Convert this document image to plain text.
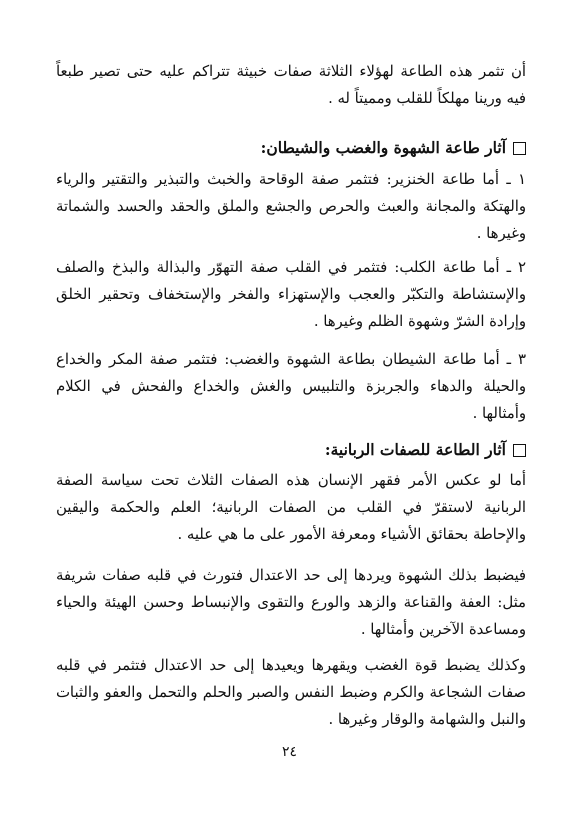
أن تثمر هذه الطاعة لهؤلاء الثلاثة صفات خبيثة تتراكم عليه حتى تصير طبعاً فيه ورينا مهلكاً للقلب ومميتاً له .

آثار طاعة الشهوة والغضب والشيطان:

١ ـ أما طاعة الخنزير: فتثمر صفة الوقاحة والخبث والتبذير والتقتير والرياء والهتكة والمجانة والعبث والحرص والجشع والملق والحقد والحسد والشماتة وغيرها .

٢ ـ أما طاعة الكلب: فتثمر في القلب صفة التهوّر والبذالة والبذخ والصلف والإستشاطة والتكبّر والعجب والإستهزاء والفخر والإستخفاف وتحقير الخلق وإرادة الشرّ وشهوة الظلم وغيرها .

٣ ـ أما طاعة الشيطان بطاعة الشهوة والغضب: فتثمر صفة المكر والخداع والحيلة والدهاء والجربزة والتلبيس والغش والخداع والفحش في الكلام وأمثالها .

آثار الطاعة للصفات الربانية:

أما لو عكس الأمر فقهر الإنسان هذه الصفات الثلاث تحت سياسة الصفة الربانية لاستقرّ في القلب من الصفات الربانية؛ العلم والحكمة واليقين والإحاطة بحقائق الأشياء ومعرفة الأمور على ما هي عليه .

فيضبط بذلك الشهوة ويردها إلى حد الاعتدال فتورث في قلبه صفات شريفة مثل: العفة والقناعة والزهد والورع والتقوى والإنبساط وحسن الهيئة والحياء ومساعدة الآخرين وأمثالها .

وكذلك يضبط قوة الغضب ويقهرها ويعيدها إلى حد الاعتدال فتثمر في قلبه صفات الشجاعة والكرم وضبط النفس والصبر والحلم والتحمل والعفو والثبات والنبل والشهامة والوقار وغيرها .

٢٤
